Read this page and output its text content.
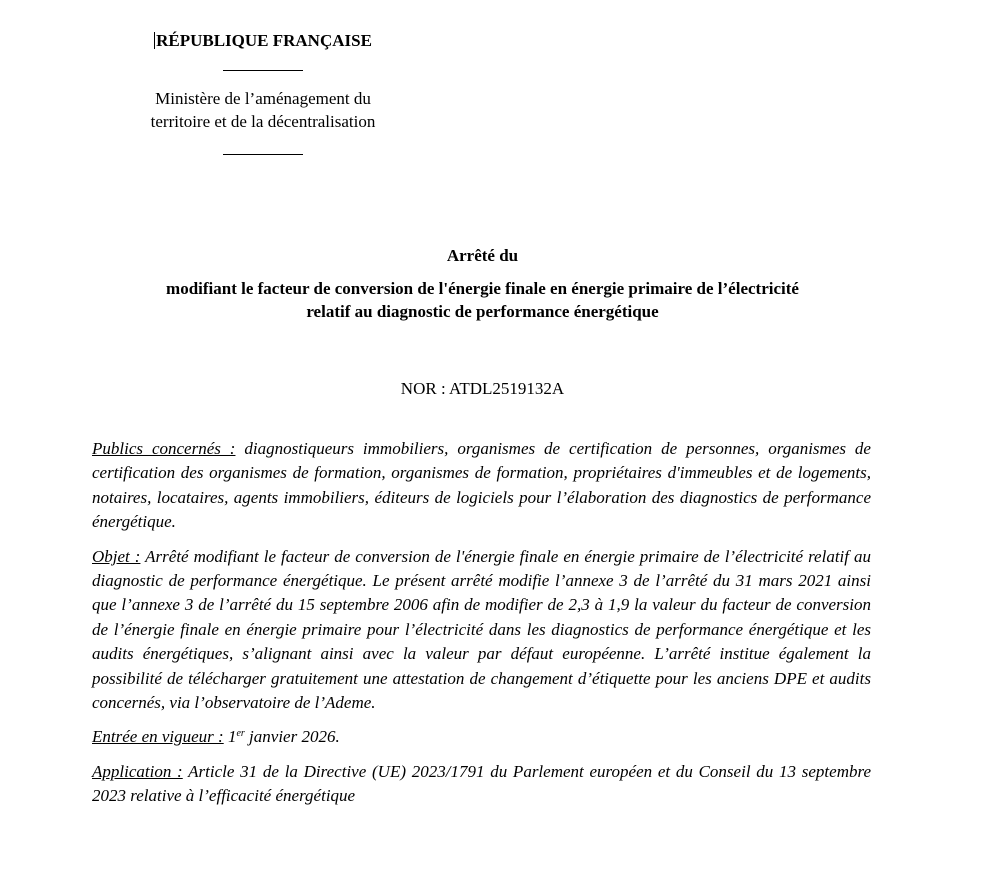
RÉPUBLIQUE FRANÇAISE
Ministère de l’aménagement du
territoire et de la décentralisation
Arrêté du
modifiant le facteur de conversion de l'énergie finale en énergie primaire de l’électricité
relatif au diagnostic de performance énergétique
NOR : ATDL2519132A

Publics concernés : diagnostiqueurs immobiliers, organismes de certification de personnes, organismes de certification des organismes de formation, organismes de formation, propriétaires d'immeubles et de logements, notaires, locataires, agents immobiliers, éditeurs de logiciels pour l’élaboration des diagnostics de performance énergétique.

Objet : Arrêté modifiant le facteur de conversion de l'énergie finale en énergie primaire de l’électricité relatif au diagnostic de performance énergétique. Le présent arrêté modifie l’annexe 3 de l’arrêté du 31 mars 2021 ainsi que l’annexe 3 de l’arrêté du 15 septembre 2006 afin de modifier de 2,3 à 1,9 la valeur du facteur de conversion de l’énergie finale en énergie primaire pour l’électricité dans les diagnostics de performance énergétique et les audits énergétiques, s’alignant ainsi avec la valeur par défaut européenne. L’arrêté institue également la possibilité de télécharger gratuitement une attestation de changement d’étiquette pour les anciens DPE et audits concernés, via l’observatoire de l’Ademe.

Entrée en vigueur : 1er janvier 2026.

Application : Article 31 de la Directive (UE) 2023/1791 du Parlement européen et du Conseil du 13 septembre 2023 relative à l’efficacité énergétique
